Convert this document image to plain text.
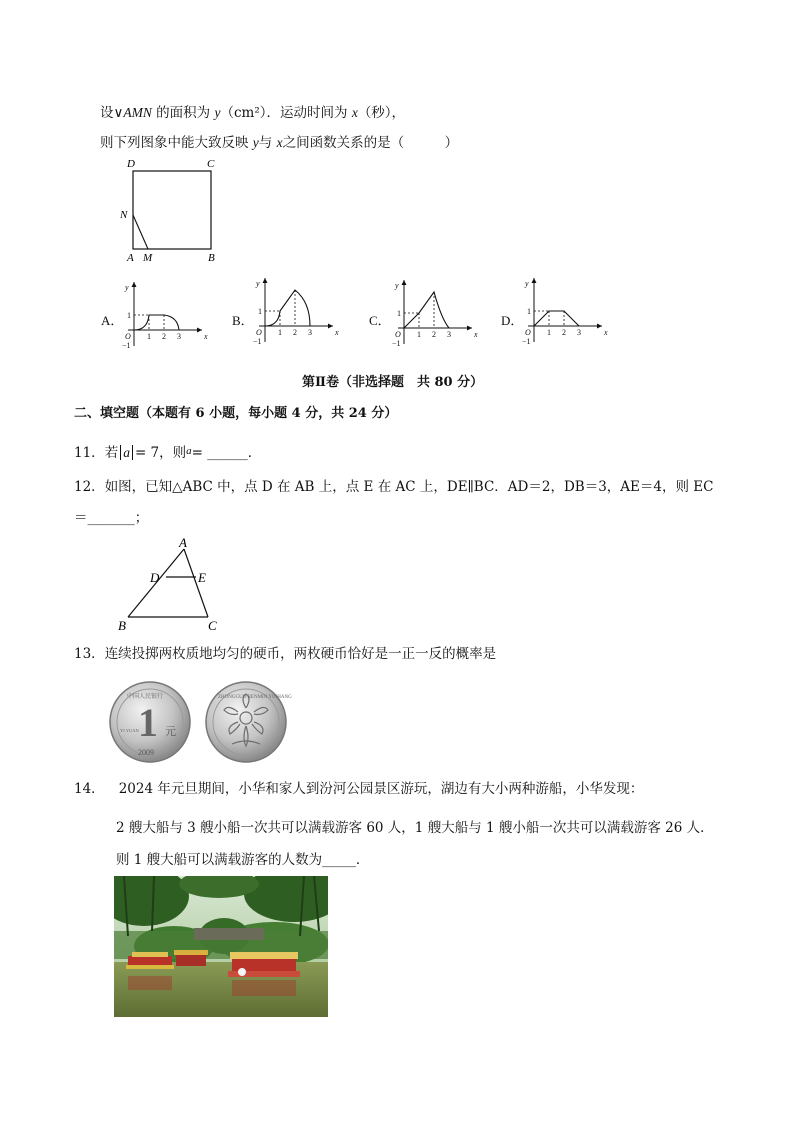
设∨AMN 的面积为 y（cm²）．运动时间为 x（秒），
则下列图象中能大致反映 y与 x之间函数关系的是（　　　）
D	C
N
A M	B
A．
y
x
O
1
−1
1 2 3
B．
y
x
O
1
−1
1 2 3
C．
y
x
O
1
−1
1 2 3
D．
y
x
O
1
−1
1 2 3
第Ⅱ卷（非选择题　共 80 分）
二、填空题（本题有 6 小题，每小题 4 分，共 24 分）
11．若 a = 7，则$^a$= ______．
12．如图，已知△ABC 中，点 D 在 AB 上，点 E 在 AC 上，DE∥BC．AD＝2，DB＝3，AE＝4，则 EC
＝_______；
A
D	E
B	C
13．连续投掷两枚质地均匀的硬币，两枚硬币恰好是一正一反的概率是
1 元
2009
中国人民银行
YI YUAN
ZHONGGUO RENMIN YINHANG
14． 2024 年元旦期间，小华和家人到汾河公园景区游玩，湖边有大小两种游船，小华发现：
2 艘大船与 3 艘小船一次共可以满载游客 60 人，1 艘大船与 1 艘小船一次共可以满载游客 26 人．
则 1 艘大船可以满载游客的人数为_____．
